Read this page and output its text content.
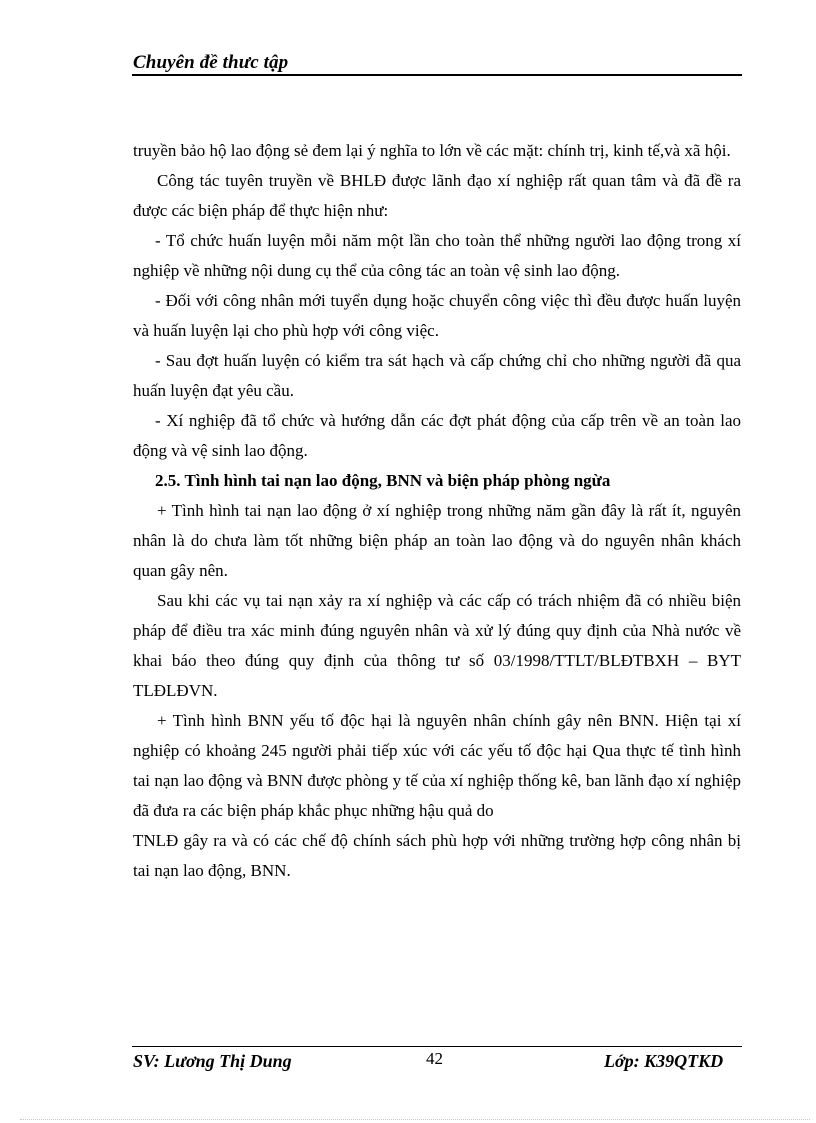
Chuyên đề thưc tập

truyền bảo hộ lao động sẻ đem lại ý nghĩa to lớn về các mặt: chính trị, kinh tế,và xã hội.

Công tác tuyên truyền về BHLĐ được lãnh đạo xí nghiệp rất quan tâm và đã đề ra được các biện pháp để thực hiện như:

- Tổ chức huấn luyện mỗi năm một lần cho toàn thể những người lao động trong xí nghiệp về những nội dung cụ thể của công tác an toàn vệ sinh lao động.

- Đối với công nhân mới tuyển dụng hoặc chuyển công việc thì đều được huấn luyện và huấn luyện lại cho phù hợp với công việc.

- Sau đợt huấn luyện có kiểm tra sát hạch và cấp chứng chỉ cho những người đã qua huấn luyện đạt yêu cầu.

- Xí nghiệp đã tổ chức và hướng dẫn các đợt phát động của cấp trên về an toàn lao động và vệ sinh lao động.

2.5. Tình hình tai nạn lao động, BNN và biện pháp phòng ngừa

+ Tình hình tai nạn lao động ở xí nghiệp trong những năm gần đây là rất ít, nguyên nhân là do chưa làm tốt những biện pháp an toàn lao động và do nguyên nhân khách quan gây nên.

Sau khi các vụ tai nạn xảy ra xí nghiệp và các cấp có trách nhiệm đã có nhiều biện pháp để điều tra xác minh đúng nguyên nhân và xử lý đúng quy định của Nhà nước về khai báo theo đúng quy định của thông tư số 03/1998/TTLT/BLĐTBXH – BYT TLĐLĐVN.

+ Tình hình BNN yếu tố độc hại là nguyên nhân chính gây nên BNN. Hiện tại xí nghiệp có khoảng 245 người phải tiếp xúc với các yếu tố độc hại Qua thực tế tình hình tai nạn lao động và BNN được phòng y tế của xí nghiệp thống kê, ban lãnh đạo xí nghiệp đã đưa ra các biện pháp khắc phục những hậu quả do

TNLĐ gây ra và có các chế độ chính sách phù hợp với những trường hợp công nhân bị tai nạn lao động, BNN.

SV: Lương Thị Dung	42	Lớp: K39QTKD
